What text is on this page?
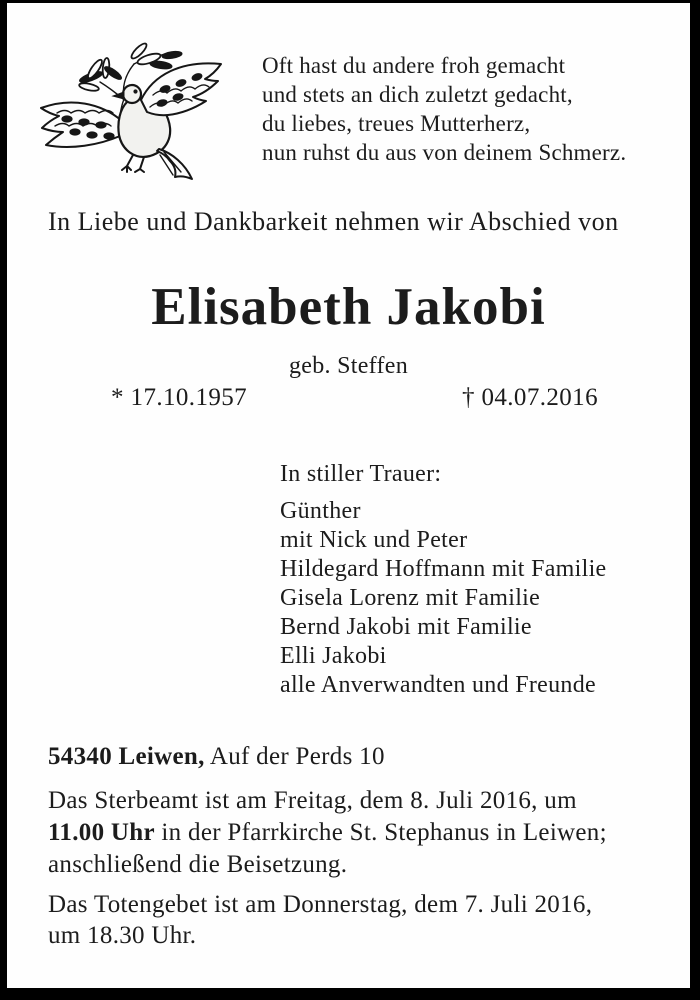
Oft hast du andere froh gemacht
und stets an dich zuletzt gedacht,
du liebes, treues Mutterherz,
nun ruhst du aus von deinem Schmerz.
In Liebe und Dankbarkeit nehmen wir Abschied von
Elisabeth Jakobi
geb. Steffen
* 17.10.1957	† 04.07.2016
In stiller Trauer:
Günther
mit Nick und Peter
Hildegard Hoffmann mit Familie
Gisela Lorenz mit Familie
Bernd Jakobi mit Familie
Elli Jakobi
alle Anverwandten und Freunde
54340 Leiwen, Auf der Perds 10
Das Sterbeamt ist am Freitag, dem 8. Juli 2016, um
11.00 Uhr in der Pfarrkirche St. Stephanus in Leiwen;
anschließend die Beisetzung.
Das Totengebet ist am Donnerstag, dem 7. Juli 2016,
um 18.30 Uhr.
